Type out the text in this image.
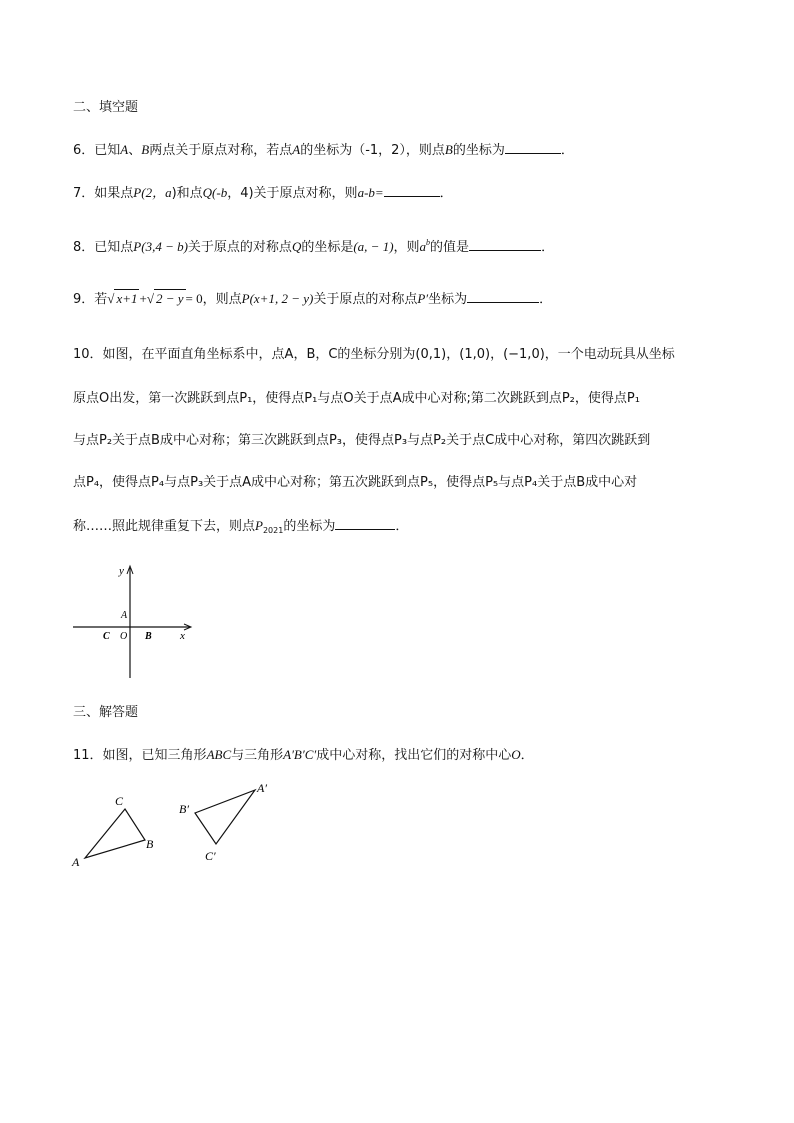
二、填空题
6．已知A、B两点关于原点对称，若点A的坐标为（-1，2），则点B的坐标为	．
7．如果点P(2，a)和点Q(-b，4)关于原点对称，则a-b=	．
8．已知点P(3,4 − b)关于原点的对称点Q的坐标是(a, − 1)，则$a^b$的值是	．
9．若√ x+1 +√ 2 − y = 0，则点P(x+1, 2 − y)关于原点的对称点P′坐标为	．
10．如图，在平面直角坐标系中，点A，B，C的坐标分别为(0,1)，(1,0)，(−1,0)，一个电动玩具从坐标
原点O出发，第一次跳跃到点P₁，使得点P₁与点O关于点A成中心对称;第二次跳跃到点P₂，使得点P₁
与点P₂关于点B成中心对称；第三次跳跃到点P₃，使得点P₃与点P₂关于点C成中心对称，第四次跳跃到
点P₄，使得点P₄与点P₃关于点A成中心对称；第五次跳跃到点P₅，使得点P₅与点P₄关于点B成中心对
称……照此规律重复下去，则点$P_{2021}$的坐标为	．
y
x
A
C O B
三、解答题
11．如图，已知三角形ABC与三角形A′B′C′成中心对称，找出它们的对称中心O．
A
C
B
A′
B′
C′
